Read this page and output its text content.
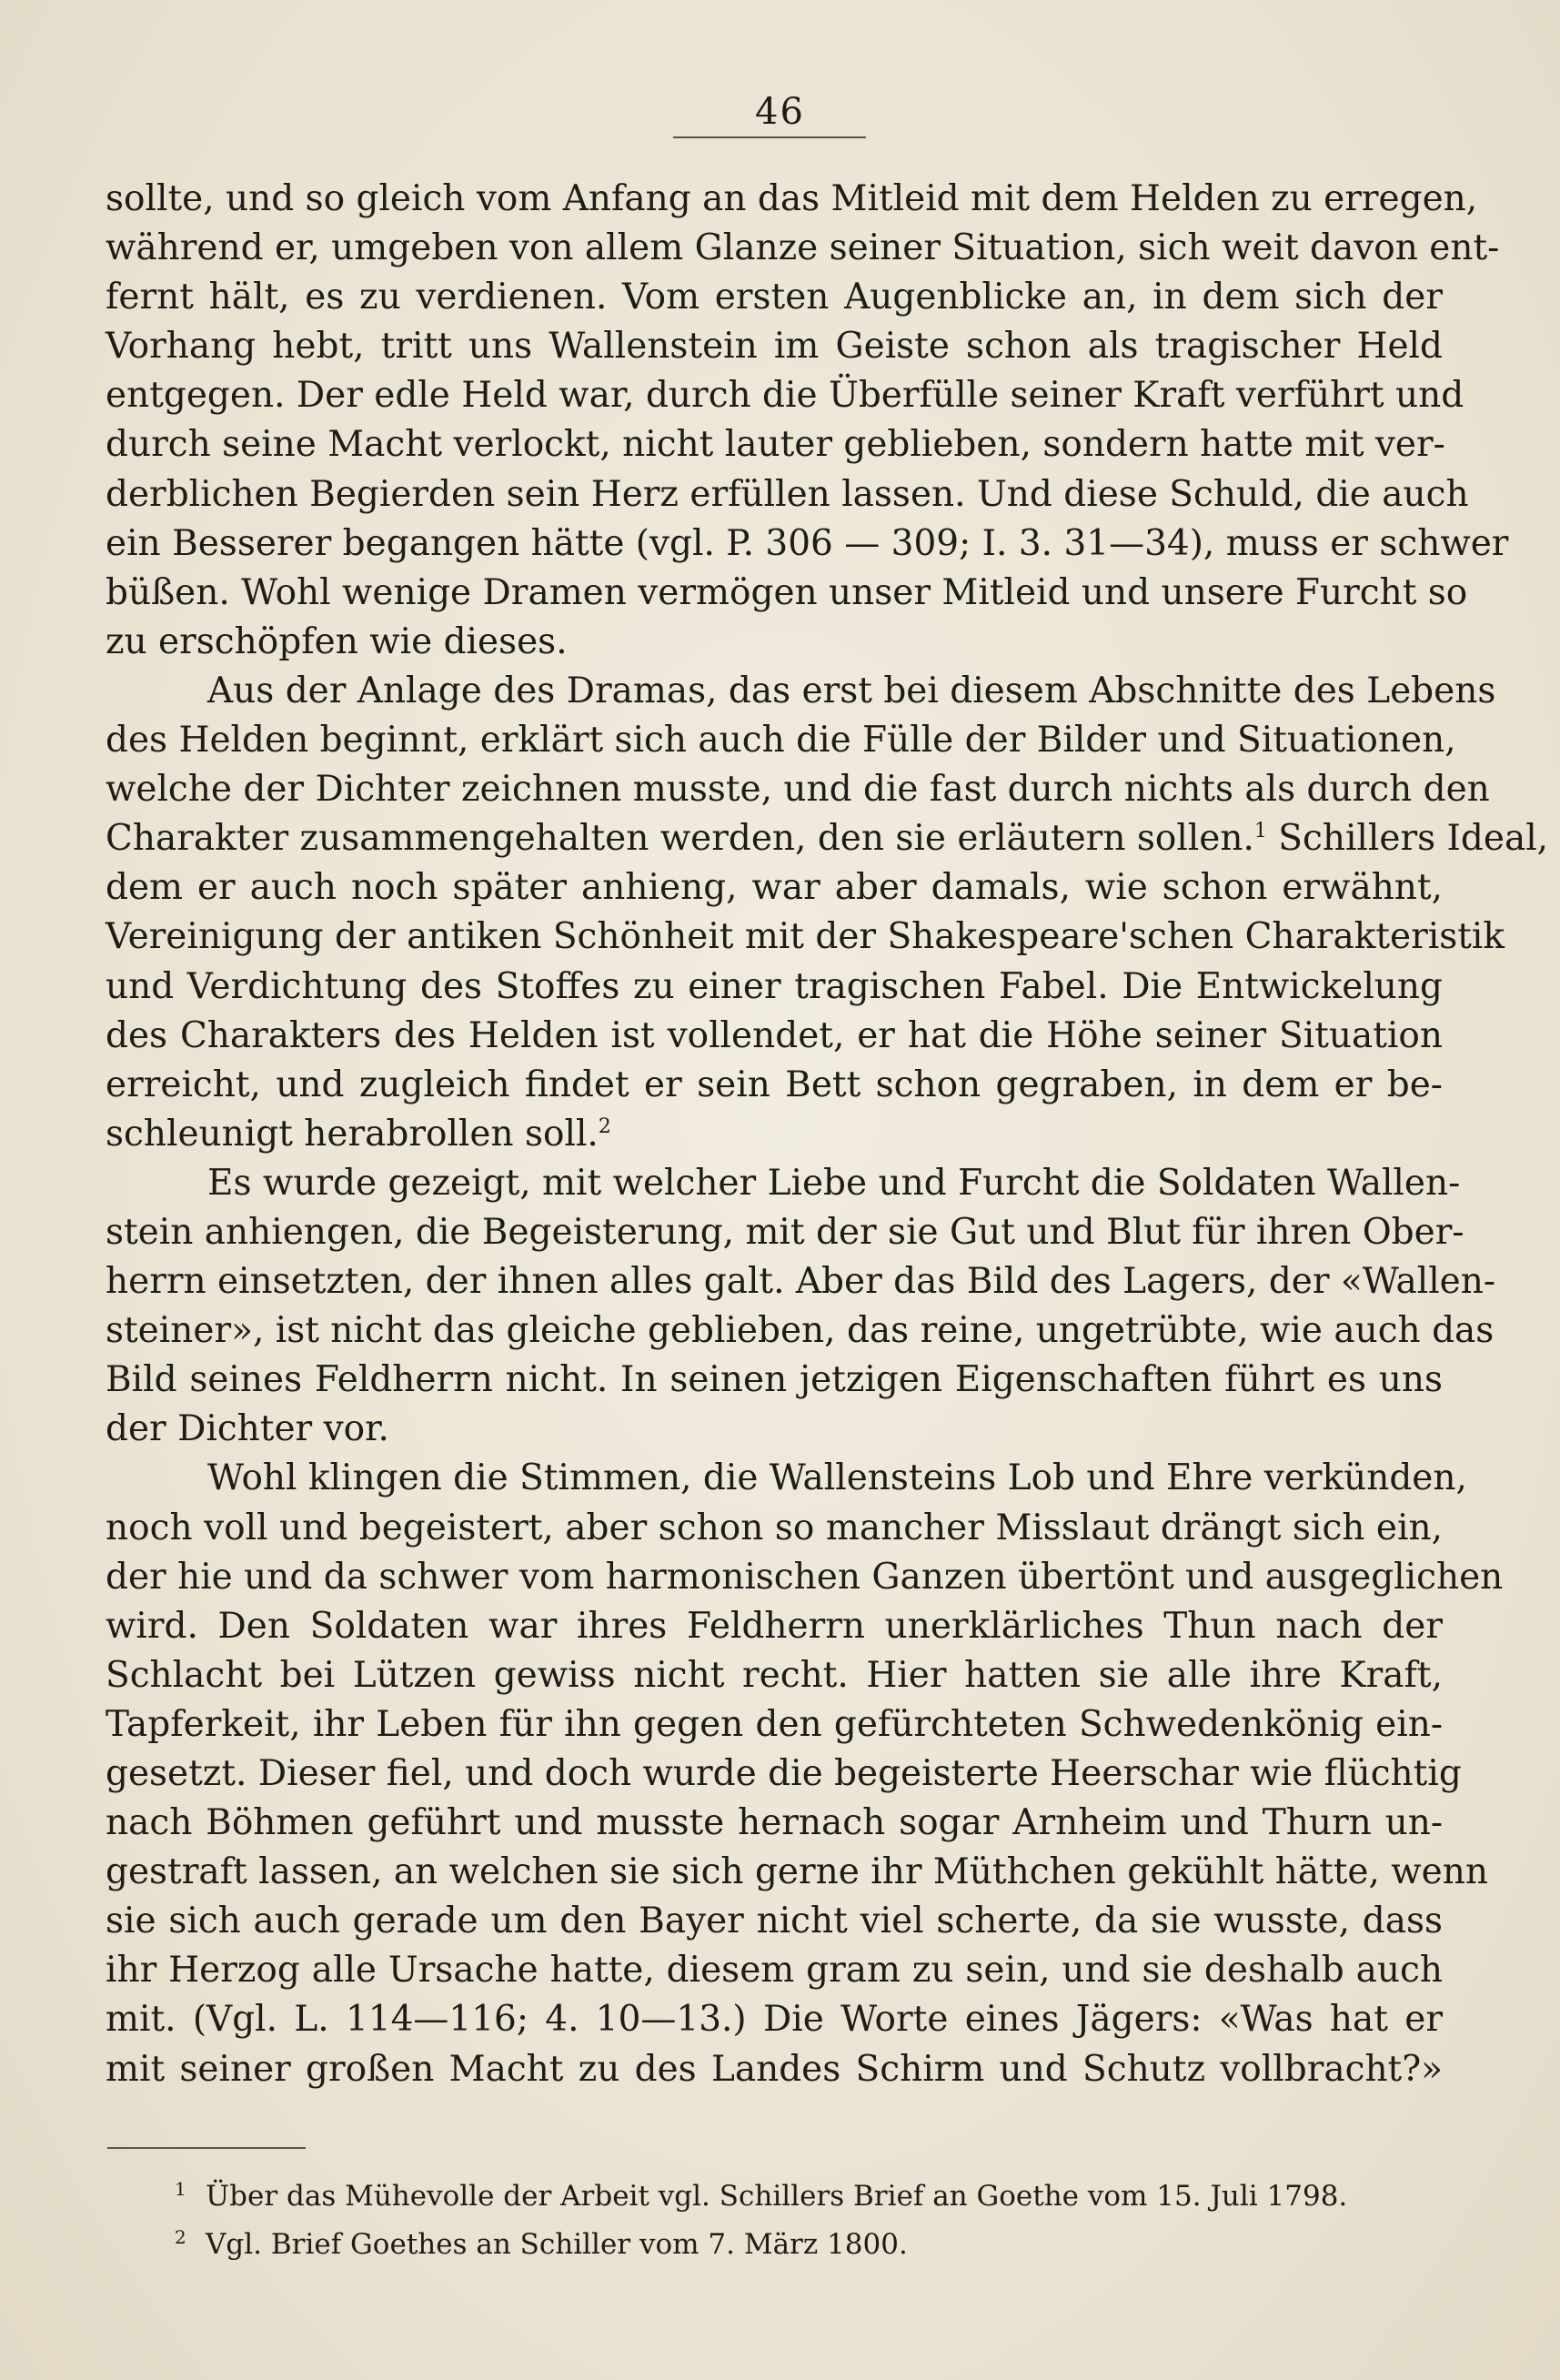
46

sollte, und so gleich vom Anfang an das Mitleid mit dem Helden zu erregen,
während er, umgeben von allem Glanze seiner Situation, sich weit davon ent-
fernt hält, es zu verdienen. Vom ersten Augenblicke an, in dem sich der
Vorhang hebt, tritt uns Wallenstein im Geiste schon als tragischer Held
entgegen. Der edle Held war, durch die Überfülle seiner Kraft verführt und
durch seine Macht verlockt, nicht lauter geblieben, sondern hatte mit ver-
derblichen Begierden sein Herz erfüllen lassen. Und diese Schuld, die auch
ein Besserer begangen hätte (vgl. P. 306 — 309; I. 3. 31—34), muss er schwer
büßen. Wohl wenige Dramen vermögen unser Mitleid und unsere Furcht so
zu erschöpfen wie dieses.

Aus der Anlage des Dramas, das erst bei diesem Abschnitte des Lebens
des Helden beginnt, erklärt sich auch die Fülle der Bilder und Situationen,
welche der Dichter zeichnen musste, und die fast durch nichts als durch den
Charakter zusammengehalten werden, den sie erläutern sollen.$^1$ Schillers Ideal,
dem er auch noch später anhieng, war aber damals, wie schon erwähnt,
Vereinigung der antiken Schönheit mit der Shakespeare'schen Charakteristik
und Verdichtung des Stoffes zu einer tragischen Fabel. Die Entwickelung
des Charakters des Helden ist vollendet, er hat die Höhe seiner Situation
erreicht, und zugleich findet er sein Bett schon gegraben, in dem er be-
schleunigt herabrollen soll.$^2$

Es wurde gezeigt, mit welcher Liebe und Furcht die Soldaten Wallen-
stein anhiengen, die Begeisterung, mit der sie Gut und Blut für ihren Ober-
herrn einsetzten, der ihnen alles galt. Aber das Bild des Lagers, der «Wallen-
steiner», ist nicht das gleiche geblieben, das reine, ungetrübte, wie auch das
Bild seines Feldherrn nicht. In seinen jetzigen Eigenschaften führt es uns
der Dichter vor.

Wohl klingen die Stimmen, die Wallensteins Lob und Ehre verkünden,
noch voll und begeistert, aber schon so mancher Misslaut drängt sich ein,
der hie und da schwer vom harmonischen Ganzen übertönt und ausgeglichen
wird. Den Soldaten war ihres Feldherrn unerklärliches Thun nach der
Schlacht bei Lützen gewiss nicht recht. Hier hatten sie alle ihre Kraft,
Tapferkeit, ihr Leben für ihn gegen den gefürchteten Schwedenkönig ein-
gesetzt. Dieser fiel, und doch wurde die begeisterte Heerschar wie flüchtig
nach Böhmen geführt und musste hernach sogar Arnheim und Thurn un-
gestraft lassen, an welchen sie sich gerne ihr Müthchen gekühlt hätte, wenn
sie sich auch gerade um den Bayer nicht viel scherte, da sie wusste, dass
ihr Herzog alle Ursache hatte, diesem gram zu sein, und sie deshalb auch
mit. (Vgl. L. 114—116; 4. 10—13.) Die Worte eines Jägers: «Was hat er
mit seiner großen Macht zu des Landes Schirm und Schutz vollbracht?»

1 Über das Mühevolle der Arbeit vgl. Schillers Brief an Goethe vom 15. Juli 1798.
2 Vgl. Brief Goethes an Schiller vom 7. März 1800.
